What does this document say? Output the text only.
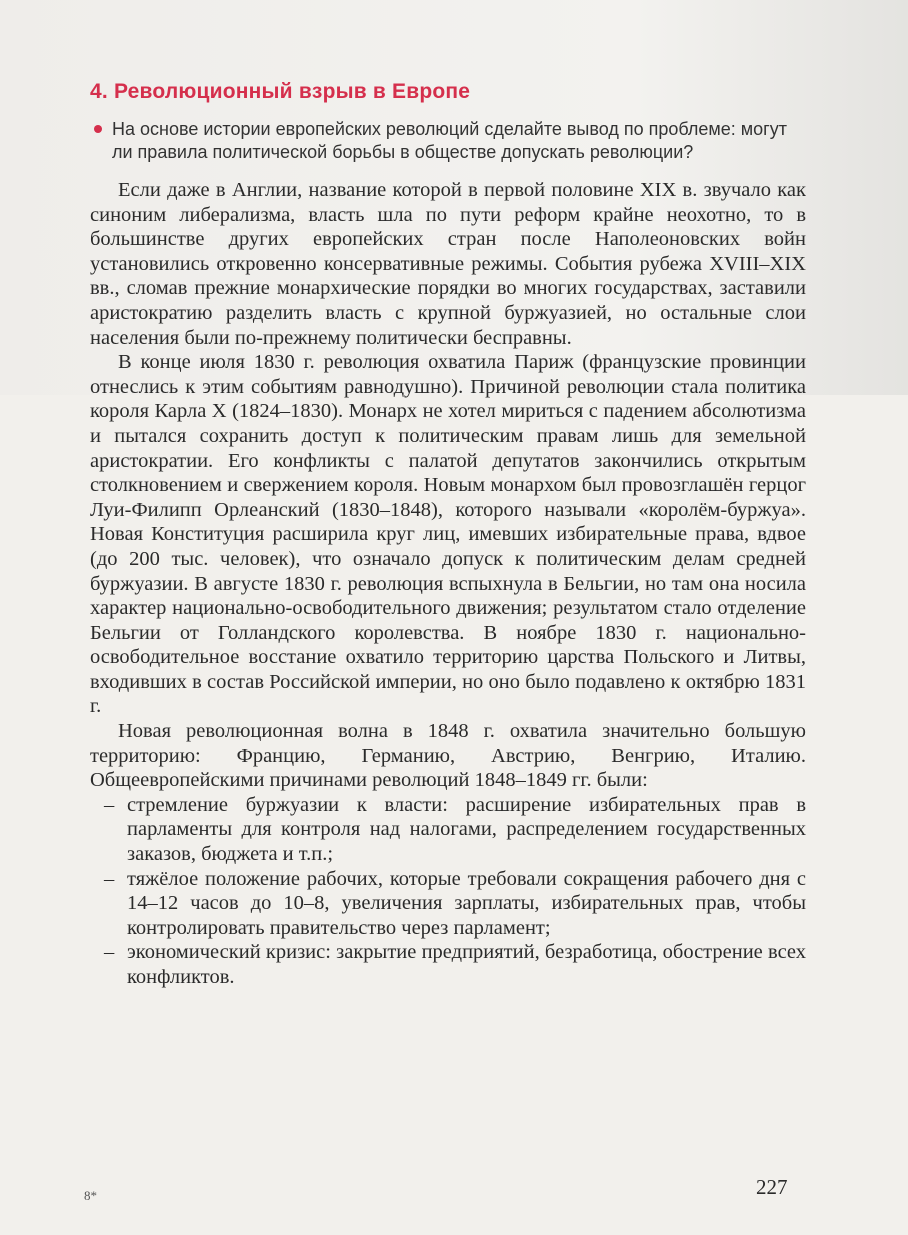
4. Революционный взрыв в Европе
На основе истории европейских революций сделайте вывод по проблеме: могут ли правила политической борьбы в обществе допускать революции?

Если даже в Англии, название которой в первой половине XIX в. звучало как синоним либерализма, власть шла по пути реформ крайне неохотно, то в большинстве других европейских стран после Наполеоновских войн установились откровенно консервативные режимы. События рубежа XVIII–XIX вв., сломав прежние монархические порядки во многих государствах, заставили аристократию разделить власть с крупной буржуазией, но остальные слои населения были по-прежнему политически бесправны.

В конце июля 1830 г. революция охватила Париж (французские провинции отнеслись к этим событиям равнодушно). Причиной революции стала политика короля Карла X (1824–1830). Монарх не хотел мириться с падением абсолютизма и пытался сохранить доступ к политическим правам лишь для земельной аристократии. Его конфликты с палатой депутатов закончились открытым столкновением и свержением короля. Новым монархом был провозглашён герцог Луи-Филипп Орлеанский (1830–1848), которого называли «королём-буржуа». Новая Конституция расширила круг лиц, имевших избирательные права, вдвое (до 200 тыс. человек), что означало допуск к политическим делам средней буржуазии. В августе 1830 г. революция вспыхнула в Бельгии, но там она носила характер национально-освободительного движения; результатом стало отделение Бельгии от Голландского королевства. В ноябре 1830 г. национально-освободительное восстание охватило территорию царства Польского и Литвы, входивших в состав Российской империи, но оно было подавлено к октябрю 1831 г.

Новая революционная волна в 1848 г. охватила значительно большую территорию: Францию, Германию, Австрию, Венгрию, Италию. Общеевропейскими причинами революций 1848–1849 гг. были:

– стремление буржуазии к власти: расширение избирательных прав в парламенты для контроля над налогами, распределением государственных заказов, бюджета и т.п.;
– тяжёлое положение рабочих, которые требовали сокращения рабочего дня с 14–12 часов до 10–8, увеличения зарплаты, избирательных прав, чтобы контролировать правительство через парламент;
– экономический кризис: закрытие предприятий, безработица, обострение всех конфликтов.
8*	227
